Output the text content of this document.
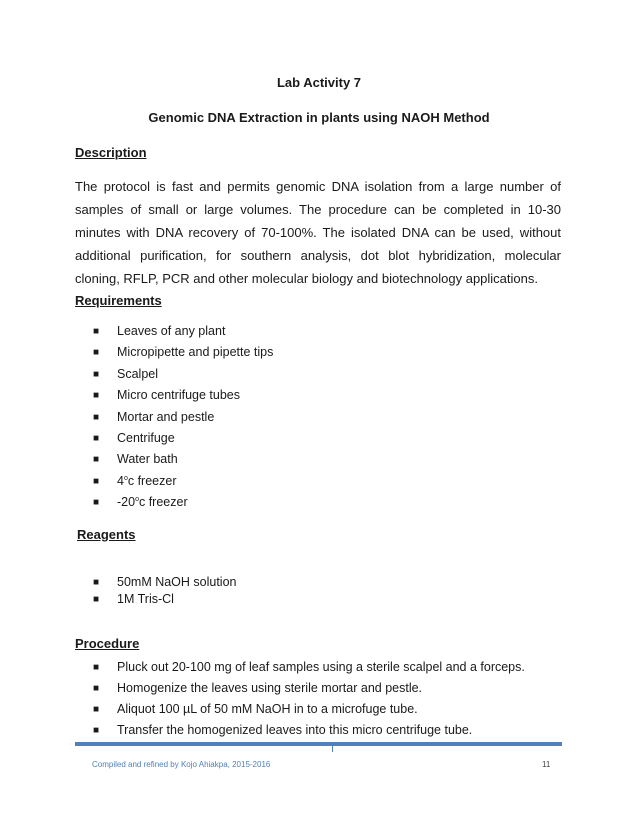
Lab Activity 7
Genomic DNA Extraction in plants using NAOH Method
Description

The protocol is fast and permits genomic DNA isolation from a large number of samples of small or large volumes. The procedure can be completed in 10-30 minutes with DNA recovery of 70-100%. The isolated DNA can be used, without additional purification, for southern analysis, dot blot hybridization, molecular cloning, RFLP, PCR and other molecular biology and biotechnology applications.

Requirements
■ Leaves of any plant
■ Micropipette and pipette tips
■ Scalpel
■ Micro centrifuge tubes
■ Mortar and pestle
■ Centrifuge
■ Water bath
■ 4$^o$c freezer
■ -20$^o$c freezer
Reagents
■ 50mM NaOH solution
■ 1M Tris-Cl
Procedure
■ Pluck out 20-100 mg of leaf samples using a sterile scalpel and a forceps.
■ Homogenize the leaves using sterile mortar and pestle.
■ Aliquot 100 µL of 50 mM NaOH in to a microfuge tube.
■ Transfer the homogenized leaves into this micro centrifuge tube.
Compiled and refined by Kojo Ahiakpa, 2015-2016	11
